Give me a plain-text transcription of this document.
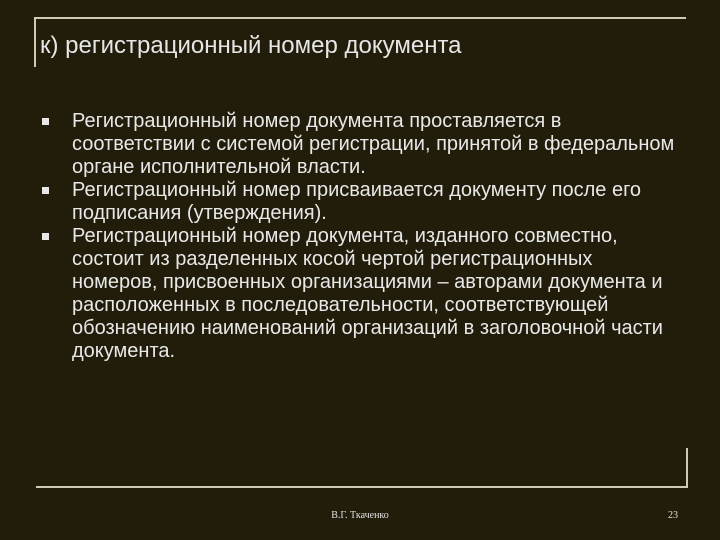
к) регистрационный номер документа
Регистрационный номер документа проставляется в соответствии с системой регистрации, принятой в федеральном органе исполнительной власти.
Регистрационный номер присваивается документу после его подписания (утверждения).
Регистрационный номер документа, изданного совместно, состоит из разделенных косой чертой регистрационных номеров, присвоенных организациями – авторами документа и расположенных в последовательности, соответствующей обозначению наименований организаций в заголовочной части документа.
В.Г. Ткаченко	23
